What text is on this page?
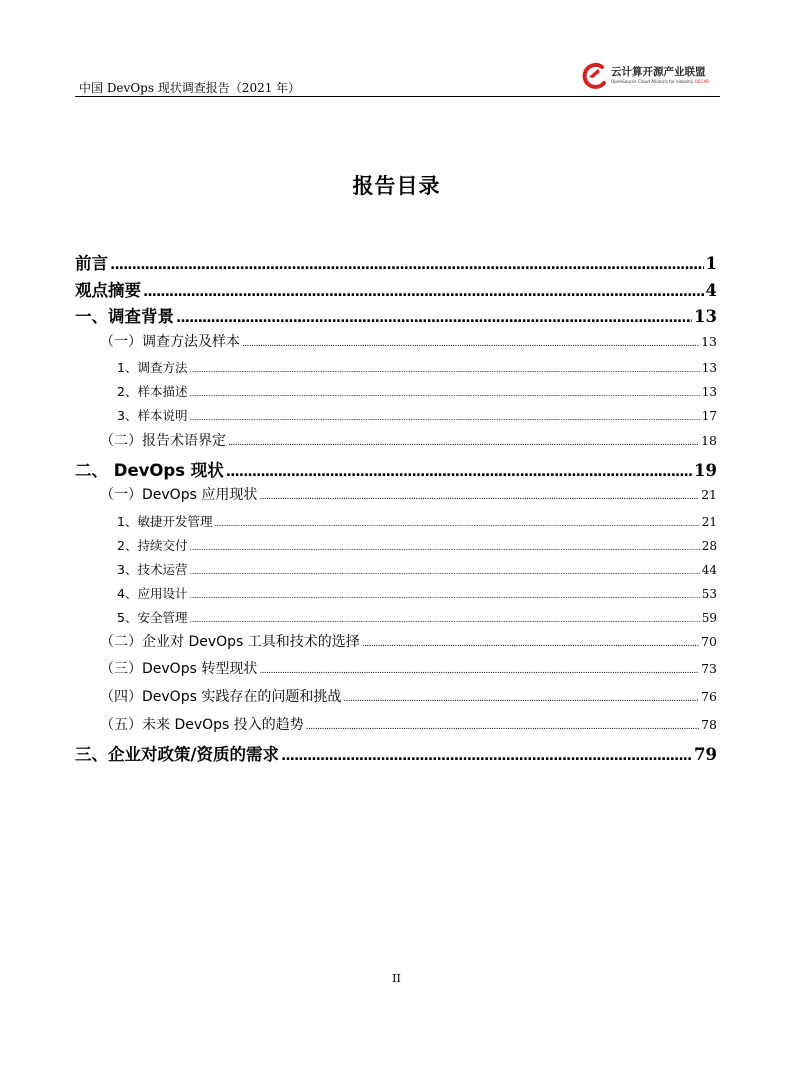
中国 DevOps 现状调查报告（2021 年）
云计算开源产业联盟
OpenSource Cloud Alliance for industry,OSCAR
报告目录
前言 .....	1
观点摘要 .....	4
一、调查背景 .....	13
（一）调查方法及样本 .....	13
1、调查方法 .....	13
2、样本描述 .....	13
3、样本说明 .....	17
（二）报告术语界定 .....	18
二、 DevOps 现状 .....	19
（一）DevOps 应用现状 .....	21
1、敏捷开发管理 .....	21
2、持续交付 .....	28
3、技术运营 .....	44
4、应用设计 .....	53
5、安全管理 .....	59
（二）企业对 DevOps 工具和技术的选择 .....	70
（三）DevOps 转型现状 .....	73
（四）DevOps 实践存在的问题和挑战 .....	76
（五）未来 DevOps 投入的趋势 .....	78
三、企业对政策/资质的需求 .....	79
II
